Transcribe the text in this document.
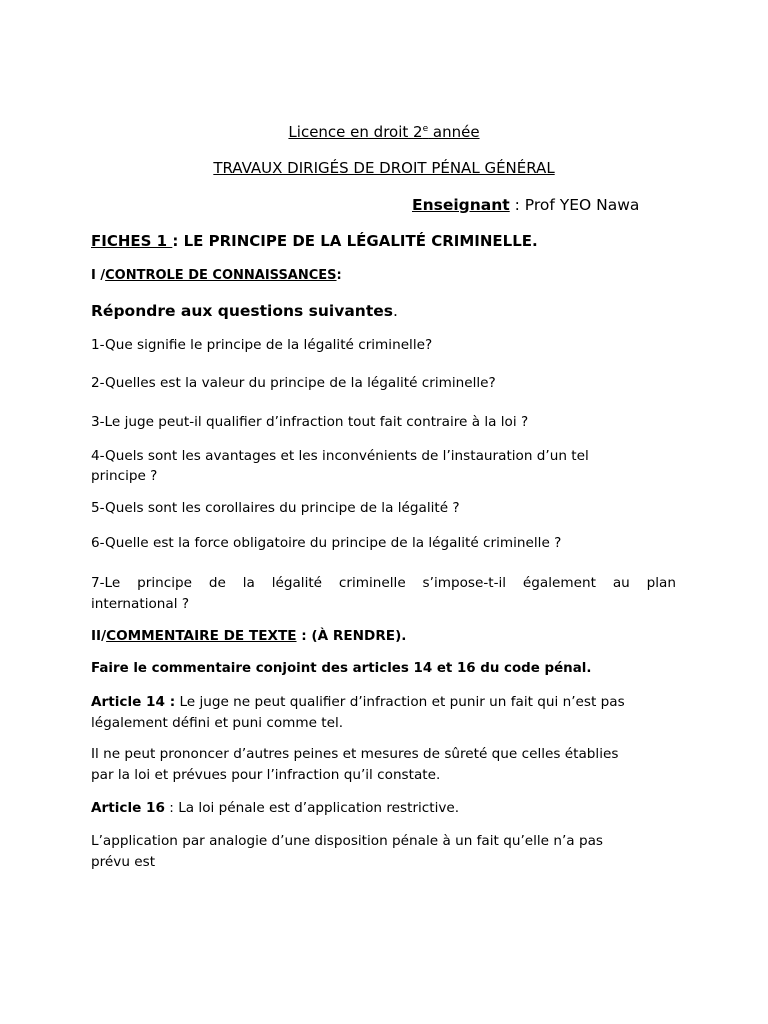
Licence en droit 2e année
TRAVAUX DIRIGÉS DE DROIT PÉNAL GÉNÉRAL
Enseignant : Prof YEO Nawa
FICHES 1 : LE PRINCIPE DE LA LÉGALITÉ CRIMINELLE.
I /CONTROLE DE CONNAISSANCES:
Répondre aux questions suivantes.
1-Que signifie le principe de la légalité criminelle?
2-Quelles est la valeur du principe de la légalité criminelle?
3-Le juge peut-il qualifier d’infraction tout fait contraire à la loi ?
4-Quels sont les avantages et les inconvénients de l’instauration d’un tel
principe ?
5-Quels sont les corollaires du principe de la légalité ?
6-Quelle est la force obligatoire du principe de la légalité criminelle ?
7-Le principe de la légalité criminelle s’impose-t-il également au plan
international ?
II/COMMENTAIRE DE TEXTE : (À RENDRE).
Faire le commentaire conjoint des articles 14 et 16 du code pénal.
Article 14 : Le juge ne peut qualifier d’infraction et punir un fait qui n’est pas
légalement défini et puni comme tel.
Il ne peut prononcer d’autres peines et mesures de sûreté que celles établies
par la loi et prévues pour l’infraction qu’il constate.
Article 16 : La loi pénale est d’application restrictive.
L’application par analogie d’une disposition pénale à un fait qu’elle n’a pas
prévu est
